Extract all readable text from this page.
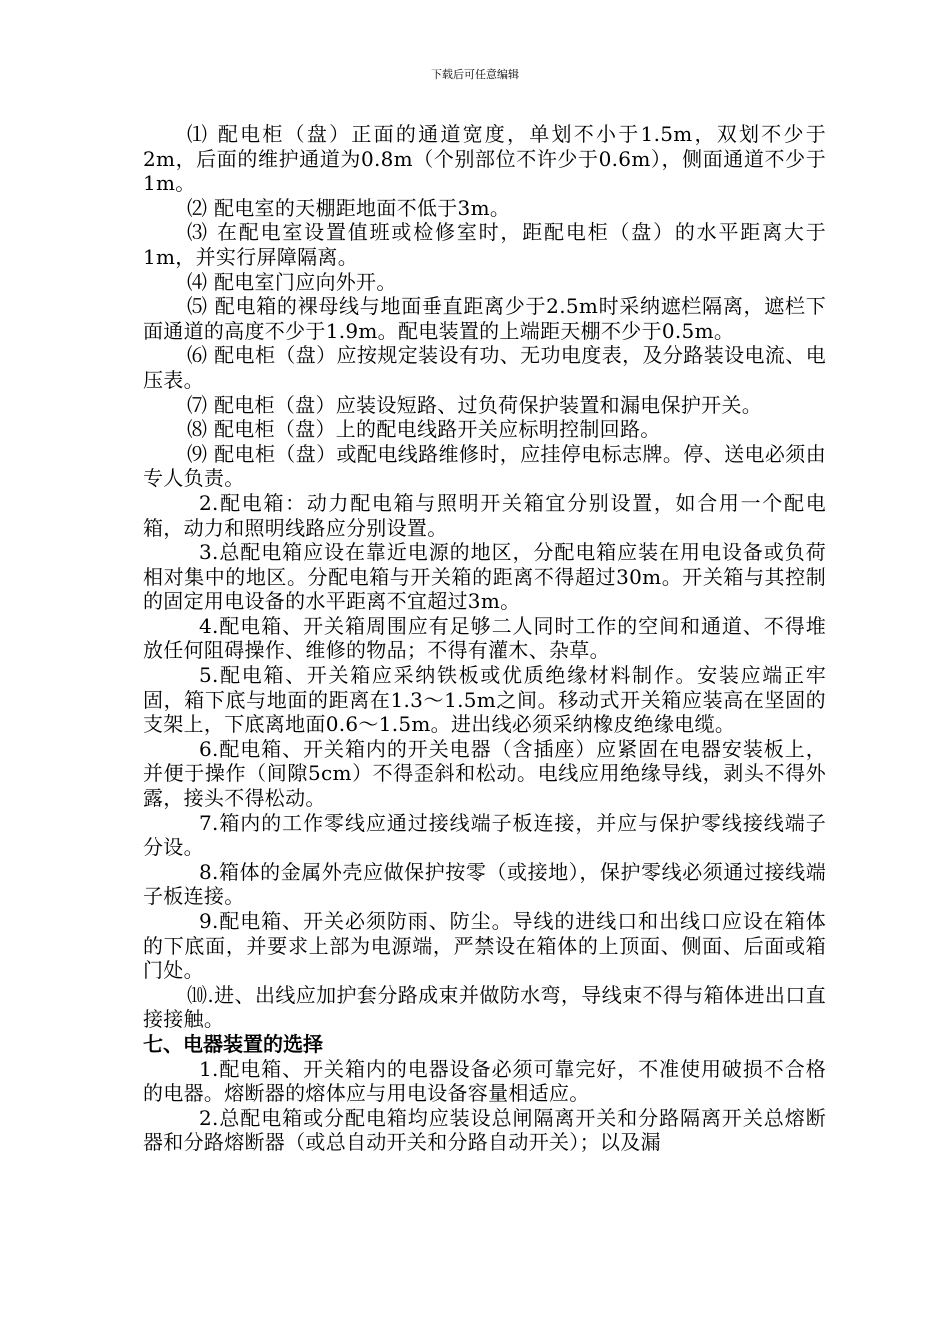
下载后可任意编辑

⑴ 配电柜（盘）正面的通道宽度，单划不小于1.5m，双划不少于2m，后面的维护通道为0.8m（个别部位不许少于0.6m），侧面通道不少于1m。

⑵ 配电室的天棚距地面不低于3m。

⑶ 在配电室设置值班或检修室时，距配电柜（盘）的水平距离大于1m，并实行屏障隔离。

⑷ 配电室门应向外开。

⑸ 配电箱的裸母线与地面垂直距离少于2.5m时采纳遮栏隔离，遮栏下面通道的高度不少于1.9m。配电装置的上端距天棚不少于0.5m。

⑹ 配电柜（盘）应按规定装设有功、无功电度表，及分路装设电流、电压表。

⑺ 配电柜（盘）应装设短路、过负荷保护装置和漏电保护开关。

⑻ 配电柜（盘）上的配电线路开关应标明控制回路。

⑼ 配电柜（盘）或配电线路维修时，应挂停电标志牌。停、送电必须由专人负责。

2.配电箱：动力配电箱与照明开关箱宜分别设置，如合用一个配电箱，动力和照明线路应分别设置。

3.总配电箱应设在靠近电源的地区，分配电箱应装在用电设备或负荷相对集中的地区。分配电箱与开关箱的距离不得超过30m。开关箱与其控制的固定用电设备的水平距离不宜超过3m。

4.配电箱、开关箱周围应有足够二人同时工作的空间和通道、不得堆放任何阻碍操作、维修的物品；不得有灌木、杂草。

5.配电箱、开关箱应采纳铁板或优质绝缘材料制作。安装应端正牢固，箱下底与地面的距离在1.3～1.5m之间。移动式开关箱应装高在坚固的支架上，下底离地面0.6～1.5m。进出线必须采纳橡皮绝缘电缆。

6.配电箱、开关箱内的开关电器（含插座）应紧固在电器安装板上，并便于操作（间隙5cm）不得歪斜和松动。电线应用绝缘导线，剥头不得外露，接头不得松动。

7.箱内的工作零线应通过接线端子板连接，并应与保护零线接线端子分设。

8.箱体的金属外壳应做保护按零（或接地），保护零线必须通过接线端子板连接。

9.配电箱、开关必须防雨、防尘。导线的进线口和出线口应设在箱体的下底面，并要求上部为电源端，严禁设在箱体的上顶面、侧面、后面或箱门处。

⑽.进、出线应加护套分路成束并做防水弯，导线束不得与箱体进出口直接接触。

七、电器装置的选择

1.配电箱、开关箱内的电器设备必须可靠完好，不准使用破损不合格的电器。熔断器的熔体应与用电设备容量相适应。

2.总配电箱或分配电箱均应装设总闸隔离开关和分路隔离开关总熔断器和分路熔断器（或总自动开关和分路自动开关）；以及漏
